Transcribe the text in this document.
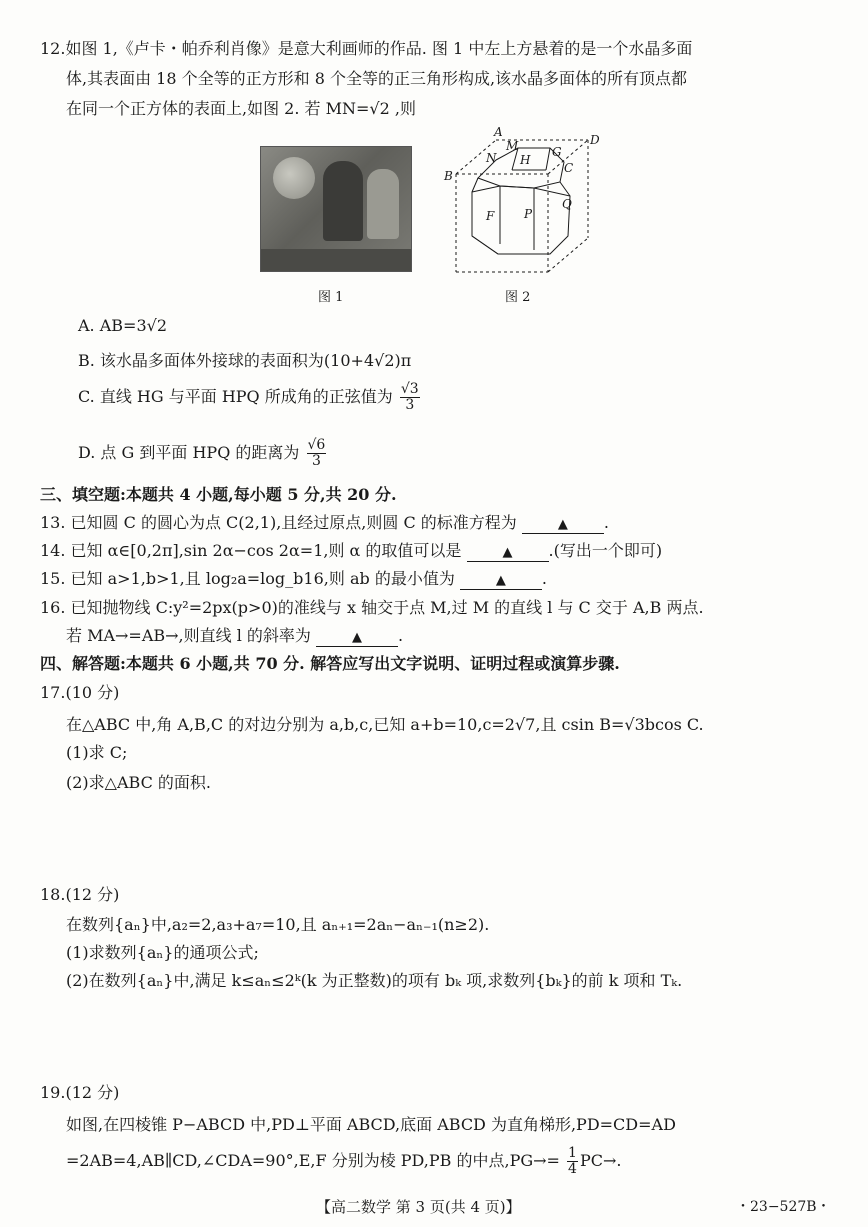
12.如图 1,《卢卡・帕乔利肖像》是意大利画师的作品. 图 1 中左上方悬着的是一个水晶多面
体,其表面由 18 个全等的正方形和 8 个全等的正三角形构成,该水晶多面体的所有顶点都
在同一个正方体的表面上,如图 2. 若 MN=√2 ,则
图 1
A
M
N H
G
D
B
C
F P
Q
图 2
A. AB=3√2
B. 该水晶多面体外接球的表面积为(10+4√2)π
C. 直线 HG 与平面 HPQ 所成角的正弦值为 $\frac{√3}{3}$
D. 点 G 到平面 HPQ 的距离为 $\frac{√6}{3}$
三、填空题:本题共 4 小题,每小题 5 分,共 20 分.
13. 已知圆 C 的圆心为点 C(2,1),且经过原点,则圆 C 的标准方程为	▲ .
14. 已知 α∈[0,2π],sin 2α−cos 2α=1,则 α 的取值可以是	▲ .(写出一个即可)
15. 已知 a>1,b>1,且 log₂a=log_b16,则 ab 的最小值为	▲ .
16. 已知抛物线 C:y²=2px(p>0)的准线与 x 轴交于点 M,过 M 的直线 l 与 C 交于 A,B 两点.
若 MA→=AB→,则直线 l 的斜率为	▲ .
四、解答题:本题共 6 小题,共 70 分. 解答应写出文字说明、证明过程或演算步骤.
17.(10 分)
在△ABC 中,角 A,B,C 的对边分别为 a,b,c,已知 a+b=10,c=2√7,且 csin B=√3bcos C.
(1)求 C;
(2)求△ABC 的面积.
18.(12 分)
在数列{aₙ}中,a₂=2,a₃+a₇=10,且 aₙ₊₁=2aₙ−aₙ₋₁(n≥2).
(1)求数列{aₙ}的通项公式;
(2)在数列{aₙ}中,满足 k≤aₙ≤2ᵏ(k 为正整数)的项有 bₖ 项,求数列{bₖ}的前 k 项和 Tₖ.
19.(12 分)
如图,在四棱锥 P−ABCD 中,PD⊥平面 ABCD,底面 ABCD 为直角梯形,PD=CD=AD
=2AB=4,AB∥CD,∠CDA=90°,E,F 分别为棱 PD,PB 的中点$,PG\to= \frac{1}{4} PC\to$.
【高二数学 第 3 页(共 4 页)】	・23−527B・
